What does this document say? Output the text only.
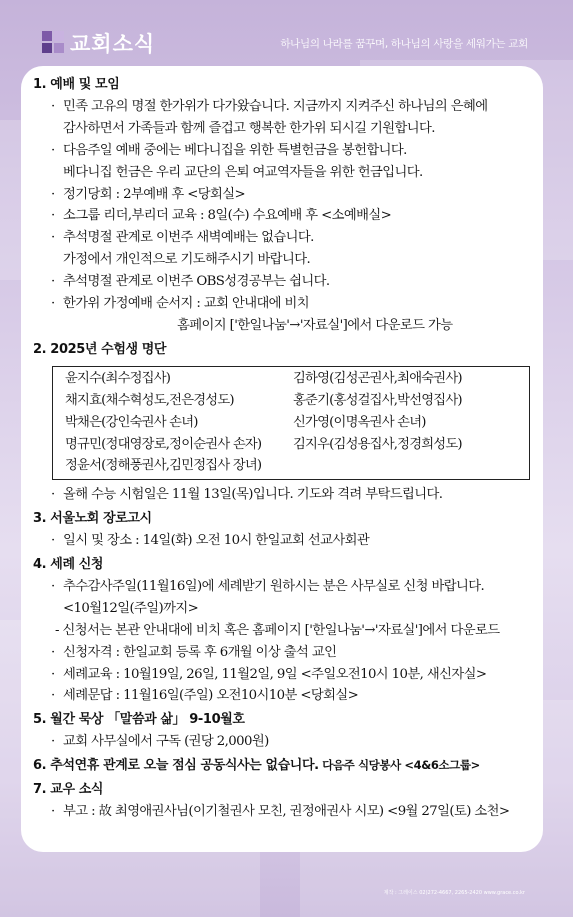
교회소식	하나님의 나라를 꿈꾸며, 하나님의 사랑을 세워가는 교회
1. 예배 및 모임
· 민족 고유의 명절 한가위가 다가왔습니다. 지금까지 지켜주신 하나님의 은혜에
감사하면서 가족들과 함께 즐겁고 행복한 한가위 되시길 기원합니다.
· 다음주일 예배 중에는 베다니집을 위한 특별헌금을 봉헌합니다.
베다니집 헌금은 우리 교단의 은퇴 여교역자들을 위한 헌금입니다.
· 정기당회 : 2부예배 후 <당회실>
· 소그룹 리더,부리더 교육 : 8일(수) 수요예배 후 <소예배실>
· 추석명절 관계로 이번주 새벽예배는 없습니다.
가정에서 개인적으로 기도해주시기 바랍니다.
· 추석명절 관계로 이번주 OBS성경공부는 쉽니다.
· 한가위 가정예배 순서지 : 교회 안내대에 비치
홈페이지 ['한일나눔'→'자료실']에서 다운로드 가능
2. 2025년 수험생 명단
윤지수(최수정집사)	김하영(김성곤권사,최애숙권사)
채지효(채수혁성도,전은경성도)	홍준기(홍성걸집사,박선영집사)
박채은(강인숙권사 손녀)	신가영(이명옥권사 손녀)
명규민(정대영장로,정이순권사 손자)	김지우(김성용집사,정경희성도)
정윤서(정해풍권사,김민정집사 장녀)
· 올해 수능 시험일은 11월 13일(목)입니다. 기도와 격려 부탁드립니다.
3. 서울노회 장로고시
· 일시 및 장소 : 14일(화) 오전 10시 한일교회 선교사회관
4. 세례 신청
· 추수감사주일(11월16일)에 세례받기 원하시는 분은 사무실로 신청 바랍니다.
<10월12일(주일)까지>
- 신청서는 본관 안내대에 비치 혹은 홈페이지 ['한일나눔'→'자료실']에서 다운로드
· 신청자격 : 한일교회 등록 후 6개월 이상 출석 교인
· 세례교육 : 10월19일, 26일, 11월2일, 9일 <주일오전10시 10분, 새신자실>
· 세례문답 : 11월16일(주일) 오전10시10분 <당회실>
5. 월간 묵상 「말씀과 삶」 9-10월호
· 교회 사무실에서 구독 (권당 2,000원)
6. 추석연휴 관계로 오늘 점심 공동식사는 없습니다. 다음주 식당봉사 <4&6소그룹>
7. 교우 소식
· 부고 : 故 최영애권사님(이기철권사 모친, 권정애권사 시모) <9월 27일(토) 소천>
제작 : 그레이스 02)272-4667, 2265-2420 www.grace.co.kr
